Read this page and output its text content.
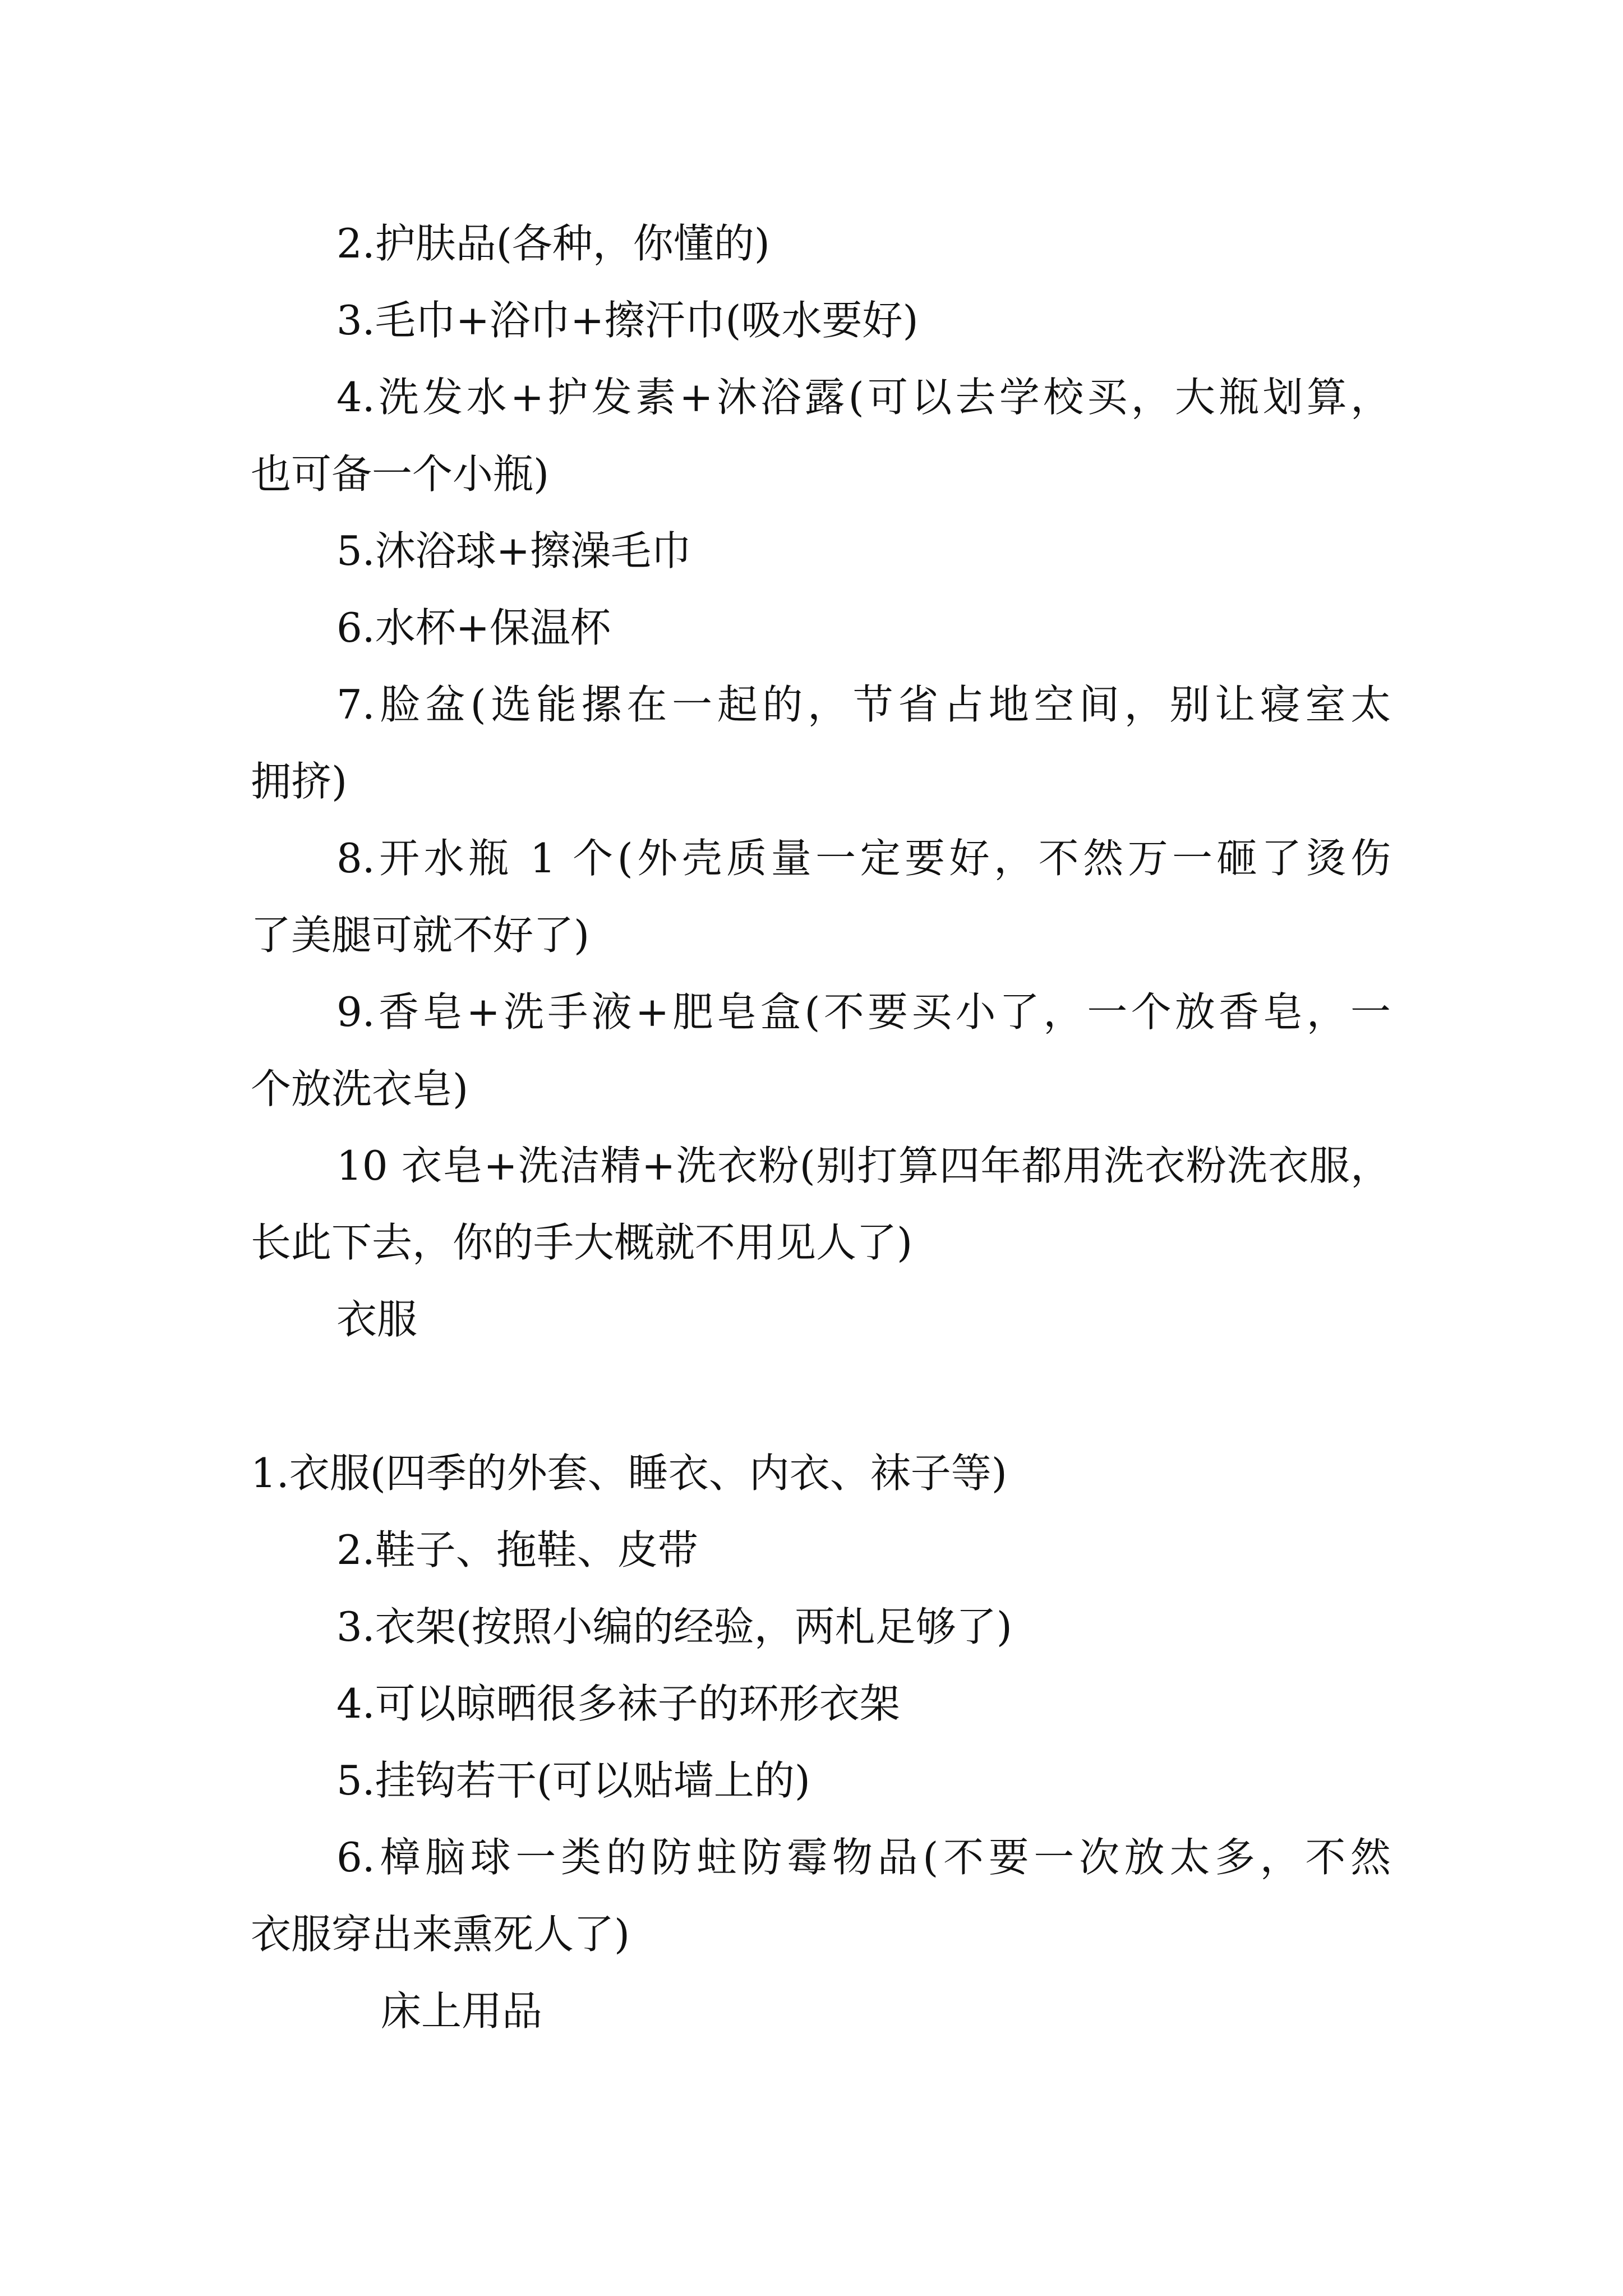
2.护肤品(各种，你懂的)
3.毛巾+浴巾+擦汗巾(吸水要好)
4.洗发水+护发素+沐浴露(可以去学校买，大瓶划算，
也可备一个小瓶)
5.沐浴球+擦澡毛巾
6.水杯+保温杯
7.脸盆(选能摞在一起的，节省占地空间，别让寝室太
拥挤)
8.开水瓶 1 个(外壳质量一定要好，不然万一砸了烫伤
了美腿可就不好了)
9.香皂+洗手液+肥皂盒(不要买小了，一个放香皂，一
个放洗衣皂)
10 衣皂+洗洁精+洗衣粉(别打算四年都用洗衣粉洗衣服，
长此下去，你的手大概就不用见人了)
衣服
1.衣服(四季的外套、睡衣、内衣、袜子等)
2.鞋子、拖鞋、皮带
3.衣架(按照小编的经验，两札足够了)
4.可以晾晒很多袜子的环形衣架
5.挂钩若干(可以贴墙上的)
6.樟脑球一类的防蛀防霉物品(不要一次放太多，不然
衣服穿出来熏死人了)
床上用品
